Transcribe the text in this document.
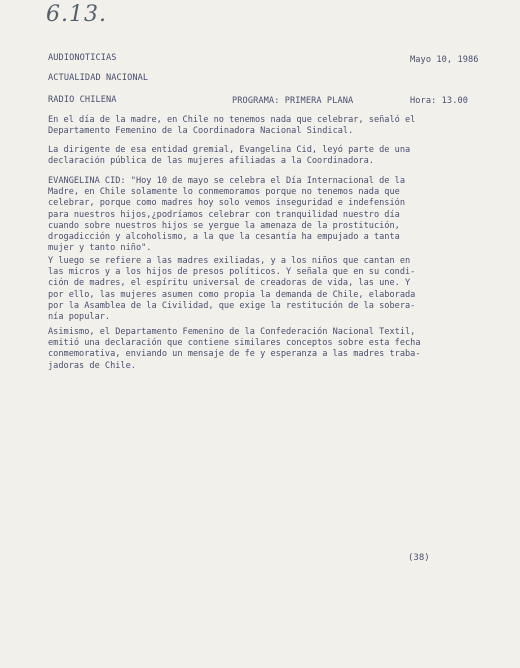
6.13.
AUDIONOTICIAS	Mayo 10, 1986
ACTUALIDAD NACIONAL
RADIO CHILENA	PROGRAMA: PRIMERA PLANA	Hora: 13.00
En el día de la madre, en Chile no tenemos nada que celebrar, señaló el
Departamento Femenino de la Coordinadora Nacional Sindical.
La dirigente de esa entidad gremial, Evangelina Cid, leyó parte de una
declaración pública de las mujeres afiliadas a la Coordinadora.
EVANGELINA CID: "Hoy 10 de mayo se celebra el Día Internacional de la
Madre, en Chile solamente lo conmemoramos porque no tenemos nada que
celebrar, porque como madres hoy solo vemos inseguridad e indefensión
para nuestros hijos,¿podríamos celebrar con tranquilidad nuestro día
cuando sobre nuestros hijos se yergue la amenaza de la prostitución,
drogadicción y alcoholismo, a la que la cesantía ha empujado a tanta
mujer y tanto niño".
Y luego se refiere a las madres exiliadas, y a los niños que cantan en
las micros y a los hijos de presos políticos. Y señala que en su condi-
ción de madres, el espíritu universal de creadoras de vida, las une. Y
por ello, las mujeres asumen como propia la demanda de Chile, elaborada
por la Asamblea de la Civilidad, que exige la restitución de la sobera-
nía popular.
Asimismo, el Departamento Femenino de la Confederación Nacional Textil,
emitió una declaración que contiene similares conceptos sobre esta fecha
conmemorativa, enviando un mensaje de fe y esperanza a las madres traba-
jadoras de Chile.
(38)
